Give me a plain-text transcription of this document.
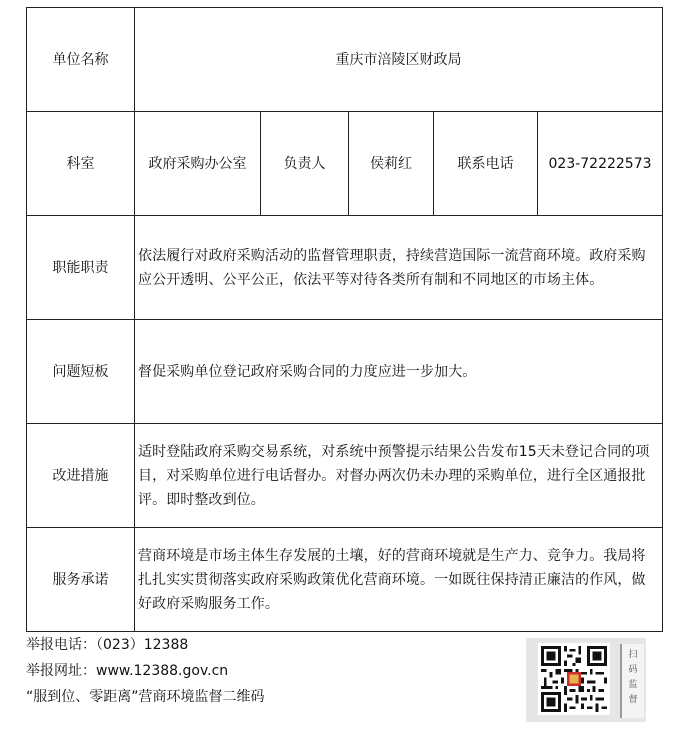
单位名称	重庆市涪陵区财政局				
科室	政府采购办公室	负责人	侯莉红	联系电话	023-72222573
职能职责	依法履行对政府采购活动的监督管理职责，持续营造国际一流营商环境。政府采购应公开透明、公平公正，依法平等对待各类所有制和不同地区的市场主体。				
问题短板	督促采购单位登记政府采购合同的力度应进一步加大。				
改进措施	适时登陆政府采购交易系统，对系统中预警提示结果公告发布15天未登记合同的项目，对采购单位进行电话督办。对督办两次仍未办理的采购单位，进行全区通报批评。即时整改到位。				
服务承诺	营商环境是市场主体生存发展的土壤，好的营商环境就是生产力、竞争力。我局将扎扎实实贯彻落实政府采购政策优化营商环境。一如既往保持清正廉洁的作风，做好政府采购服务工作。				
举报电话：（023）12388
举报网址：www.12388.gov.cn
“服到位、零距离”营商环境监督二维码
扫
码
监
督
